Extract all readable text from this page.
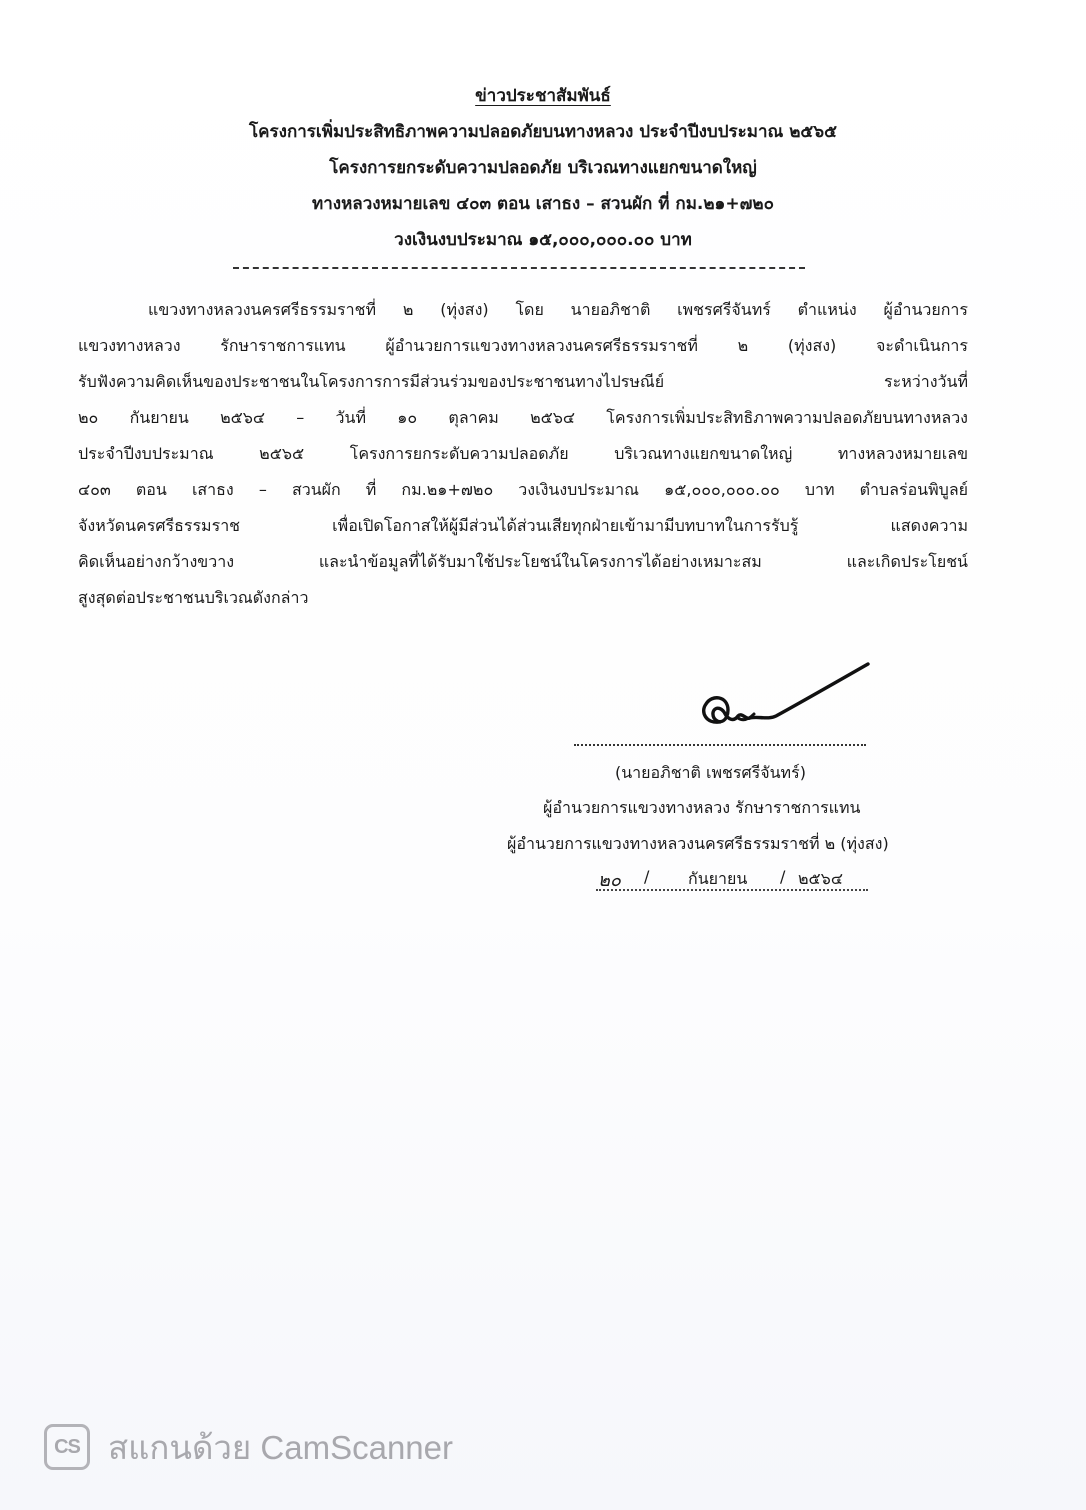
ข่าวประชาสัมพันธ์
โครงการเพิ่มประสิทธิภาพความปลอดภัยบนทางหลวง ประจำปีงบประมาณ ๒๕๖๕
โครงการยกระดับความปลอดภัย บริเวณทางแยกขนาดใหญ่
ทางหลวงหมายเลข ๔๐๓ ตอน เสาธง – สวนผัก ที่ กม.๒๑+๗๒๐
วงเงินงบประมาณ ๑๕,๐๐๐,๐๐๐.๐๐ บาท
แขวงทางหลวงนครศรีธรรมราชที่ ๒ (ทุ่งสง) โดย นายอภิชาติ เพชรศรีจันทร์ ตำแหน่ง ผู้อำนวยการ
แขวงทางหลวง รักษาราชการแทน ผู้อำนวยการแขวงทางหลวงนครศรีธรรมราชที่ ๒ (ทุ่งสง) จะดำเนินการ
รับฟังความคิดเห็นของประชาชนในโครงการการมีส่วนร่วมของประชาชนทางไปรษณีย์ ระหว่างวันที่
๒๐ กันยายน ๒๕๖๔ – วันที่ ๑๐ ตุลาคม ๒๕๖๔ โครงการเพิ่มประสิทธิภาพความปลอดภัยบนทางหลวง
ประจำปีงบประมาณ ๒๕๖๕ โครงการยกระดับความปลอดภัย บริเวณทางแยกขนาดใหญ่ ทางหลวงหมายเลข
๔๐๓ ตอน เสาธง – สวนผัก ที่ กม.๒๑+๗๒๐ วงเงินงบประมาณ ๑๕,๐๐๐,๐๐๐.๐๐ บาท ตำบลร่อนพิบูลย์
จังหวัดนครศรีธรรมราช เพื่อเปิดโอกาสให้ผู้มีส่วนได้ส่วนเสียทุกฝ่ายเข้ามามีบทบาทในการรับรู้ แสดงความ
คิดเห็นอย่างกว้างขวาง และนำข้อมูลที่ได้รับมาใช้ประโยชน์ในโครงการได้อย่างเหมาะสม และเกิดประโยชน์
สูงสุดต่อประชาชนบริเวณดังกล่าว
(นายอภิชาติ เพชรศรีจันทร์)
ผู้อำนวยการแขวงทางหลวง รักษาราชการแทน
ผู้อำนวยการแขวงทางหลวงนครศรีธรรมราชที่ ๒ (ทุ่งสง)
๒๐ / กันยายน / ๒๕๖๔
CS สแกนด้วย CamScanner
